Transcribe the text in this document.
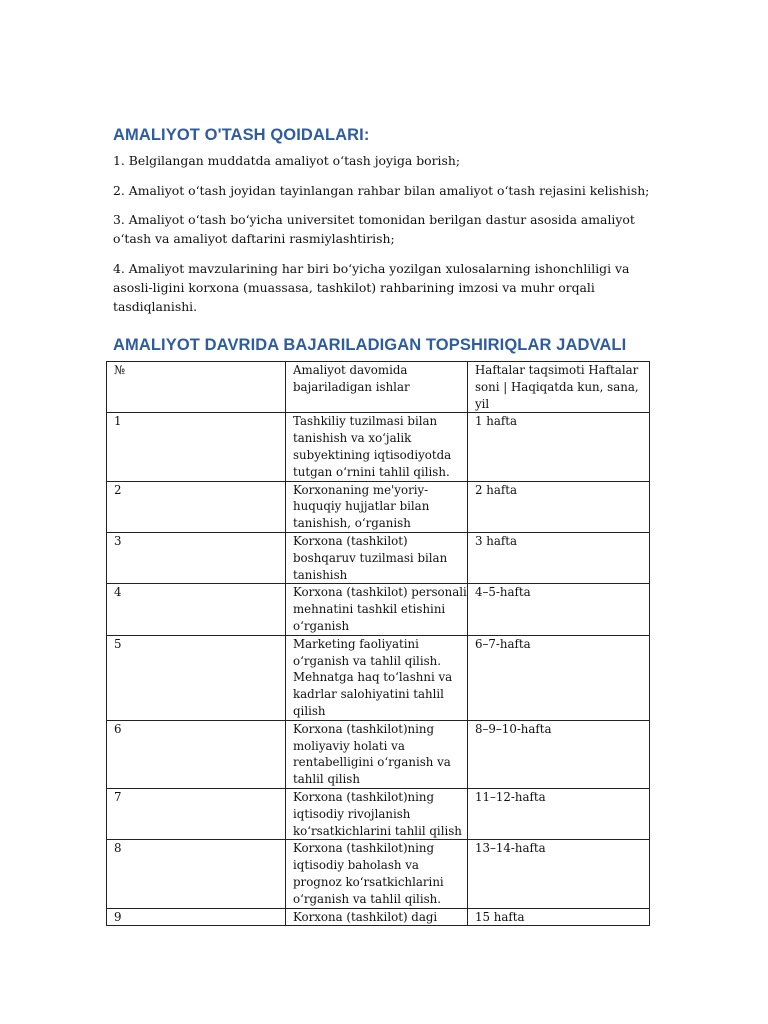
AMALIYOT O'TASH QOIDALARI:

1. Belgilangan muddatda amaliyot oʻtash joyiga borish;

2. Amaliyot oʻtash joyidan tayinlangan rahbar bilan amaliyot oʻtash rejasini kelishish;

3. Amaliyot oʻtash boʻyicha universitet tomonidan berilgan dastur asosida amaliyot oʻtash va amaliyot daftarini rasmiylashtirish;

4. Amaliyot mavzularining har biri boʻyicha yozilgan xulosalarning ishonchliligi va asosli-ligini korxona (muassasa, tashkilot) rahbarining imzosi va muhr orqali tasdiqlanishi.

AMALIYOT DAVRIDA BAJARILADIGAN TOPSHIRIQLAR JADVALI
№	Amaliyot davomida bajariladigan ishlar	Haftalar taqsimoti Haftalar soni | Haqiqatda kun, sana, yil
1	Tashkiliy tuzilmasi bilan tanishish va xoʻjalik subyektining iqtisodiyotda tutgan oʻrnini tahlil qilish.	1 hafta
2	Korxonaning me'yoriy-huquqiy hujjatlar bilan tanishish, oʻrganish	2 hafta
3	Korxona (tashkilot) boshqaruv tuzilmasi bilan tanishish	3 hafta
4	Korxona (tashkilot) personali mehnatini tashkil etishini oʻrganish	4–5-hafta
5	Marketing faoliyatini oʻrganish va tahlil qilish. Mehnatga haq toʻlashni va kadrlar salohiyatini tahlil qilish	6–7-hafta
6	Korxona (tashkilot)ning moliyaviy holati va rentabelligini oʻrganish va tahlil qilish	8–9–10-hafta
7	Korxona (tashkilot)ning iqtisodiy rivojlanish koʻrsatkichlarini tahlil qilish	11–12-hafta
8	Korxona (tashkilot)ning iqtisodiy baholash va prognoz koʻrsatkichlarini oʻrganish va tahlil qilish.	13–14-hafta
9	Korxona (tashkilot) dagi	15 hafta
